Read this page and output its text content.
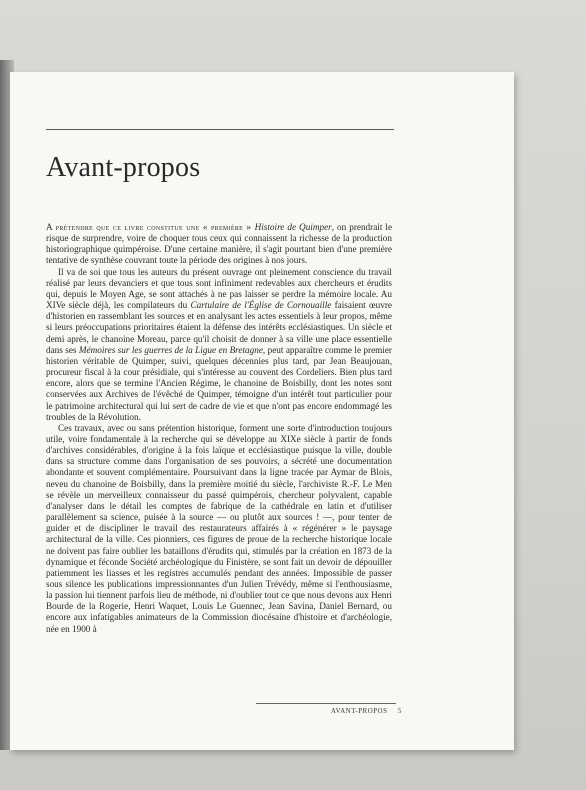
Avant-propos

A prétendre que ce livre constitue une « première » Histoire de Quimper, on prendrait le risque de surprendre, voire de choquer tous ceux qui connaissent la richesse de la production historiographique quimpéroise. D'une certaine manière, il s'agit pourtant bien d'une première tentative de synthèse couvrant toute la période des origines à nos jours.

Il va de soi que tous les auteurs du présent ouvrage ont pleinement conscience du travail réalisé par leurs devanciers et que tous sont infiniment redevables aux chercheurs et érudits qui, depuis le Moyen Age, se sont attachés à ne pas laisser se perdre la mémoire locale. Au XIVe siècle déjà, les compilateurs du Cartulaire de l'Église de Cornouaille faisaient œuvre d'historien en rassemblant les sources et en analysant les actes essentiels à leur propos, même si leurs préoccupations prioritaires étaient la défense des intérêts ecclésiastiques. Un siècle et demi après, le chanoine Moreau, parce qu'il choisit de donner à sa ville une place essentielle dans ses Mémoires sur les guerres de la Ligue en Bretagne, peut apparaître comme le premier historien véritable de Quimper, suivi, quelques décennies plus tard, par Jean Beaujouan, procureur fiscal à la cour présidiale, qui s'intéresse au couvent des Cordeliers. Bien plus tard encore, alors que se termine l'Ancien Régime, le chanoine de Boisbilly, dont les notes sont conservées aux Archives de l'évêché de Quimper, témoigne d'un intérêt tout particulier pour le patrimoine architectural qui lui sert de cadre de vie et que n'ont pas encore endommagé les troubles de la Révolution.

Ces travaux, avec ou sans prétention historique, forment une sorte d'introduction toujours utile, voire fondamentale à la recherche qui se développe au XIXe siècle à partir de fonds d'archives considérables, d'origine à la fois laïque et ecclésiastique puisque la ville, double dans sa structure comme dans l'organisation de ses pouvoirs, a sécrété une documentation abondante et souvent complémentaire. Poursuivant dans la ligne tracée par Aymar de Blois, neveu du chanoine de Boisbilly, dans la première moitié du siècle, l'archiviste R.-F. Le Men se révèle un merveilleux connaisseur du passé quimpérois, chercheur polyvalent, capable d'analyser dans le détail les comptes de fabrique de la cathédrale en latin et d'utiliser parallèlement sa science, puisée à la source — ou plutôt aux sources ! —, pour tenter de guider et de discipliner le travail des restaurateurs affairés à « régénérer » le paysage architectural de la ville. Ces pionniers, ces figures de proue de la recherche historique locale ne doivent pas faire oublier les bataillons d'érudits qui, stimulés par la création en 1873 de la dynamique et féconde Société archéologique du Finistère, se sont fait un devoir de dépouiller patiemment les liasses et les registres accumulés pendant des années. Impossible de passer sous silence les publications impressionnantes d'un Julien Trévédy, même si l'enthousiasme, la passion lui tiennent parfois lieu de méthode, ni d'oublier tout ce que nous devons aux Henri Bourde de la Rogerie, Henri Waquet, Louis Le Guennec, Jean Savina, Daniel Bernard, ou encore aux infatigables animateurs de la Commission diocésaine d'histoire et d'archéologie, née en 1900 à

AVANT-PROPOS 5
